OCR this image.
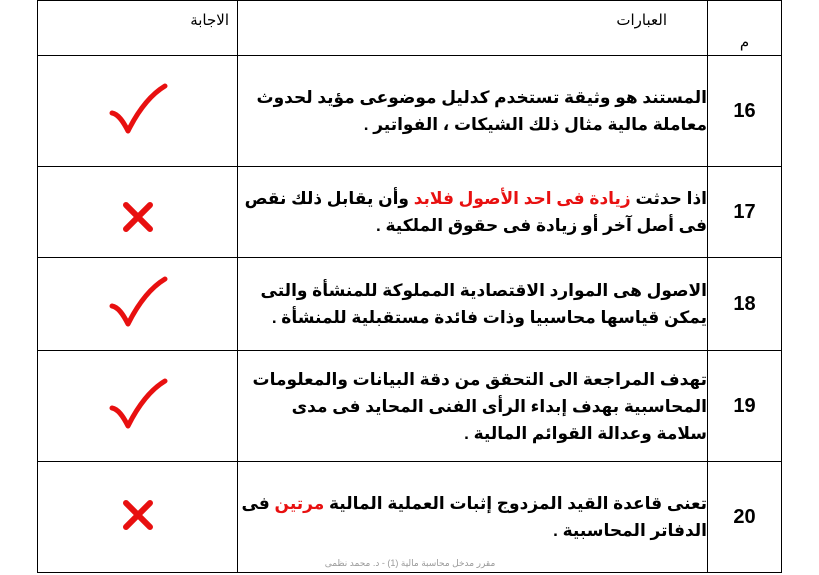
م	العبارات	الاجابة
16	المستند هو وثيقة تستخدم كدليل موضوعى مؤيد لحدوث معاملة مالية مثال ذلك الشيكات ، الفواتير .	
17	اذا حدثت زيادة فى احد الأصول فلابد وأن يقابل ذلك نقص فى أصل آخر أو زيادة فى حقوق الملكية .	
18	الاصول هى الموارد الاقتصادية المملوكة للمنشأة والتى يمكن قياسها محاسبيا وذات فائدة مستقبلية للمنشأة .	
19	تهدف المراجعة الى التحقق من دقة البيانات والمعلومات المحاسبية بهدف إبداء الرأى الفنى المحايد فى مدى سلامة وعدالة القوائم المالية .	
20	تعنى قاعدة القيد المزدوج إثبات العملية المالية مرتين فى الدفاتر المحاسبية .	
مقرر مدخل محاسبة مالية (1) - د. محمد نظمى
